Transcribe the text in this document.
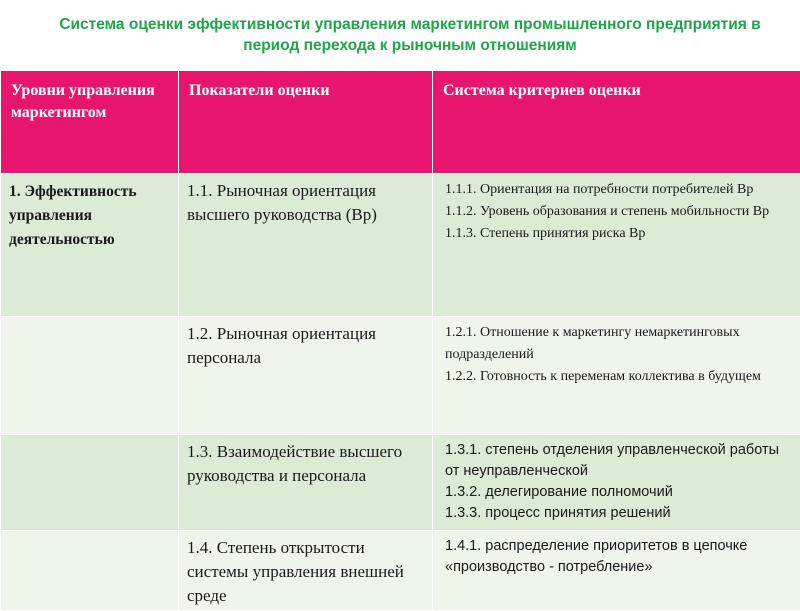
Система оценки эффективности управления маркетингом промышленного предприятия в период перехода к рыночным отношениям
Уровни управления маркетингом	Показатели оценки	Система критериев оценки
1. Эффективность управления деятельностью	1.1. Рыночная ориентация высшего руководства (Вр)	1.1.1. Ориентация на потребности потребителей Вр
1.1.2. Уровень образования и степень мобильности Вр
1.1.3. Степень принятия риска Вр

	1.2. Рыночная ориентация персонала	1.2.1. Отношение к маркетингу немаркетинговых подразделений
1.2.2. Готовность к переменам коллектива в будущем

	1.3. Взаимодействие высшего руководства и персонала	1.3.1. степень отделения управленческой работы от неуправленческой
1.3.2. делегирование полномочий
1.3.3. процесс принятия решений

	1.4. Степень открытости системы управления внешней среде	1.4.1. распределение приоритетов в цепочке «производство - потребление»
